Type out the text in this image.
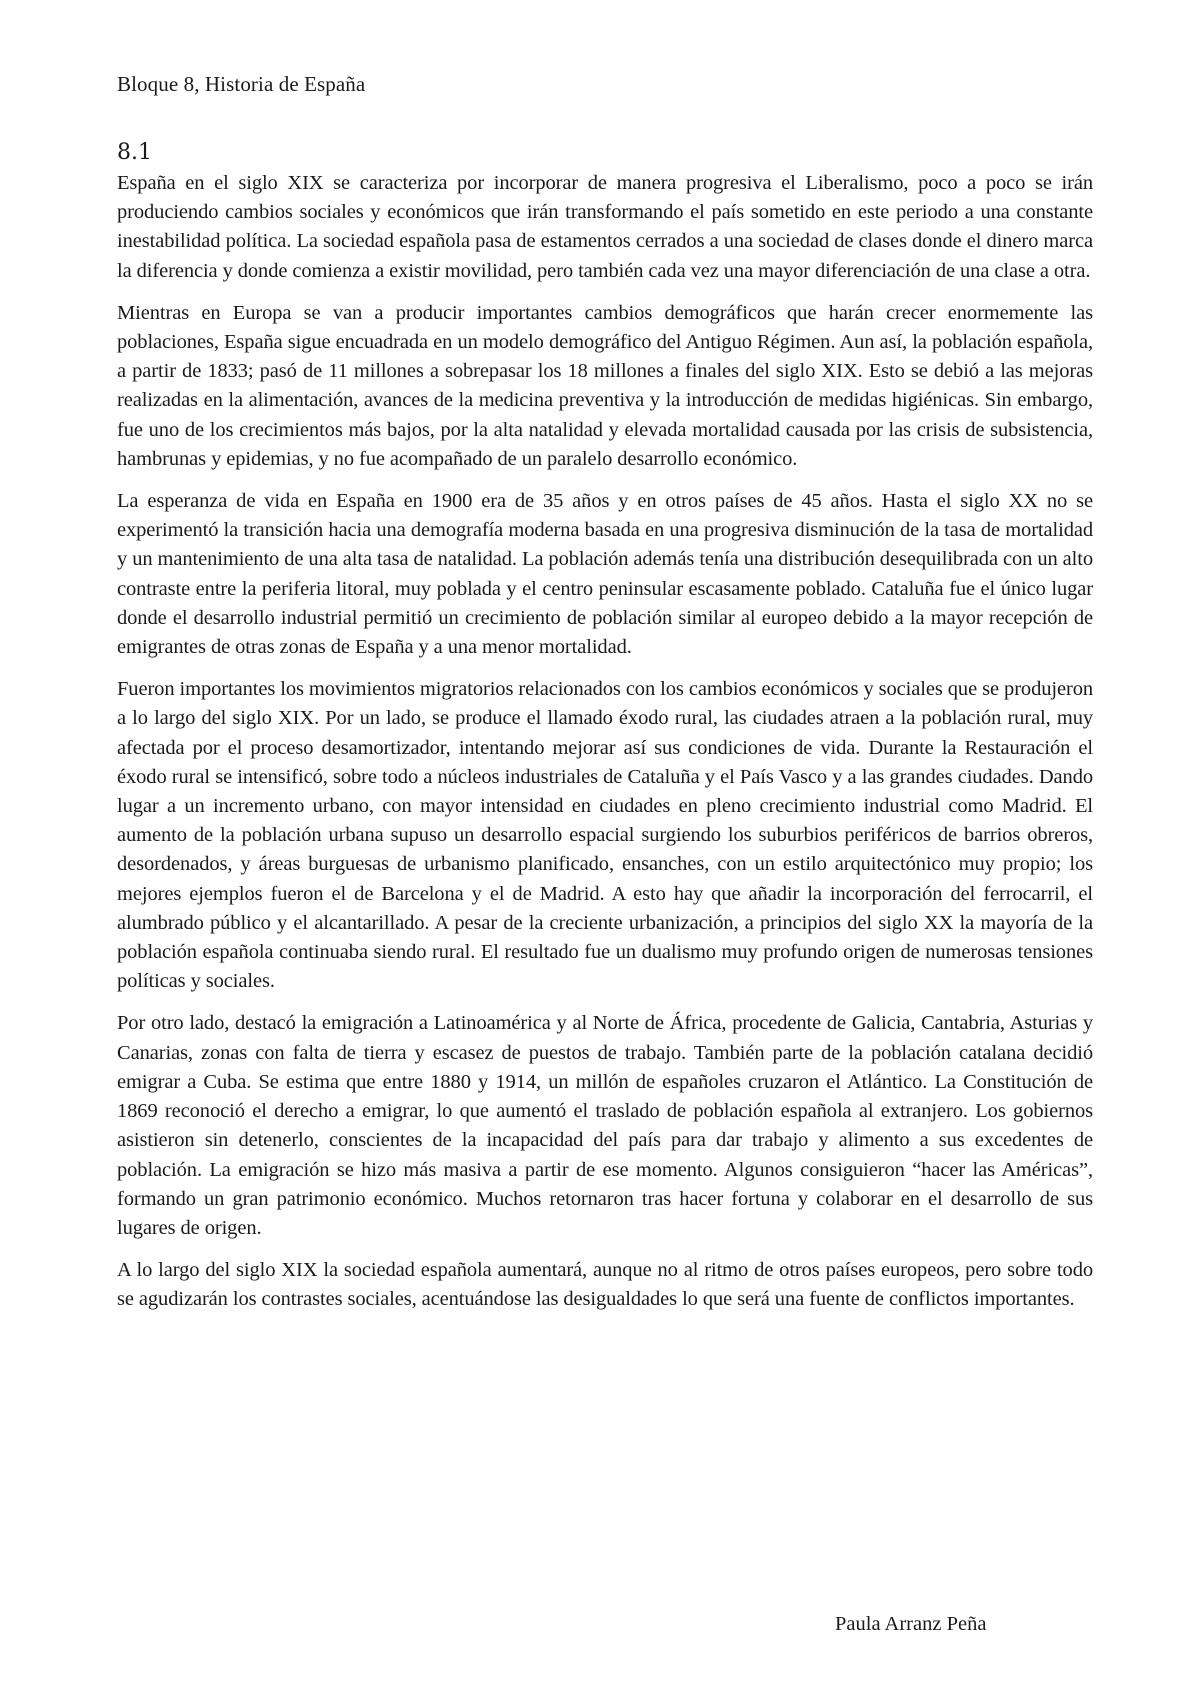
Bloque 8, Historia de España

8.1

España en el siglo XIX se caracteriza por incorporar de manera progresiva el Liberalismo, poco a poco se irán produciendo cambios sociales y económicos que irán transformando el país sometido en este periodo a una constante inestabilidad política. La sociedad española pasa de estamentos cerrados a una sociedad de clases donde el dinero marca la diferencia y donde comienza a existir movilidad, pero también cada vez una mayor diferenciación de una clase a otra.

Mientras en Europa se van a producir importantes cambios demográficos que harán crecer enormemente las poblaciones, España sigue encuadrada en un modelo demográfico del Antiguo Régimen. Aun así, la población española, a partir de 1833; pasó de 11 millones a sobrepasar los 18 millones a finales del siglo XIX. Esto se debió a las mejoras realizadas en la alimentación, avances de la medicina preventiva y la introducción de medidas higiénicas. Sin embargo, fue uno de los crecimientos más bajos, por la alta natalidad y elevada mortalidad causada por las crisis de subsistencia, hambrunas y epidemias, y no fue acompañado de un paralelo desarrollo económico.

La esperanza de vida en España en 1900 era de 35 años y en otros países de 45 años. Hasta el siglo XX no se experimentó la transición hacia una demografía moderna basada en una progresiva disminución de la tasa de mortalidad y un mantenimiento de una alta tasa de natalidad. La población además tenía una distribución desequilibrada con un alto contraste entre la periferia litoral, muy poblada y el centro peninsular escasamente poblado. Cataluña fue el único lugar donde el desarrollo industrial permitió un crecimiento de población similar al europeo debido a la mayor recepción de emigrantes de otras zonas de España y a una menor mortalidad.

Fueron importantes los movimientos migratorios relacionados con los cambios económicos y sociales que se produjeron a lo largo del siglo XIX. Por un lado, se produce el llamado éxodo rural, las ciudades atraen a la población rural, muy afectada por el proceso desamortizador, intentando mejorar así sus condiciones de vida. Durante la Restauración el éxodo rural se intensificó, sobre todo a núcleos industriales de Cataluña y el País Vasco y a las grandes ciudades. Dando lugar a un incremento urbano, con mayor intensidad en ciudades en pleno crecimiento industrial como Madrid. El aumento de la población urbana supuso un desarrollo espacial surgiendo los suburbios periféricos de barrios obreros, desordenados, y áreas burguesas de urbanismo planificado, ensanches, con un estilo arquitectónico muy propio; los mejores ejemplos fueron el de Barcelona y el de Madrid. A esto hay que añadir la incorporación del ferrocarril, el alumbrado público y el alcantarillado. A pesar de la creciente urbanización, a principios del siglo XX la mayoría de la población española continuaba siendo rural. El resultado fue un dualismo muy profundo origen de numerosas tensiones políticas y sociales.

Por otro lado, destacó la emigración a Latinoamérica y al Norte de África, procedente de Galicia, Cantabria, Asturias y Canarias, zonas con falta de tierra y escasez de puestos de trabajo. También parte de la población catalana decidió emigrar a Cuba. Se estima que entre 1880 y 1914, un millón de españoles cruzaron el Atlántico. La Constitución de 1869 reconoció el derecho a emigrar, lo que aumentó el traslado de población española al extranjero. Los gobiernos asistieron sin detenerlo, conscientes de la incapacidad del país para dar trabajo y alimento a sus excedentes de población. La emigración se hizo más masiva a partir de ese momento. Algunos consiguieron “hacer las Américas”, formando un gran patrimonio económico. Muchos retornaron tras hacer fortuna y colaborar en el desarrollo de sus lugares de origen.

A lo largo del siglo XIX la sociedad española aumentará, aunque no al ritmo de otros países europeos, pero sobre todo se agudizarán los contrastes sociales, acentuándose las desigualdades lo que será una fuente de conflictos importantes.

Paula Arranz Peña
